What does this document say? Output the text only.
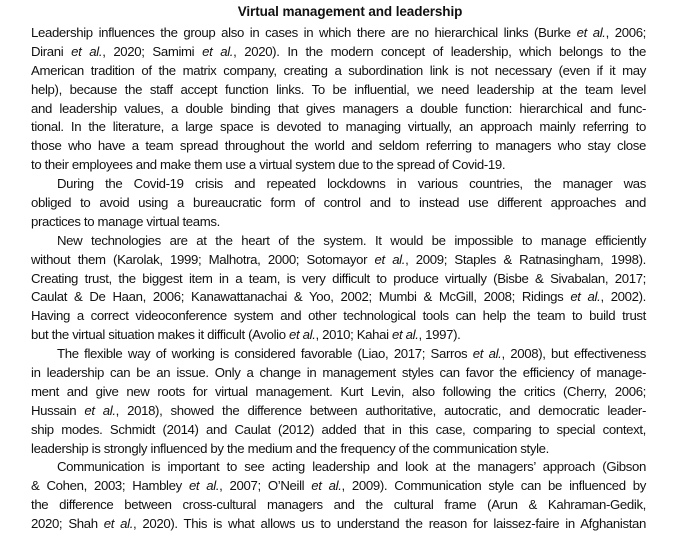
Virtual management and leadership
Leadership influences the group also in cases in which there are no hierarchical links (Burke et al., 2006;
Dirani et al., 2020; Samimi et al., 2020). In the modern concept of leadership, which belongs to the
American tradition of the matrix company, creating a subordination link is not necessary (even if it may
help), because the staff accept function links. To be influential, we need leadership at the team level
and leadership values, a double binding that gives managers a double function: hierarchical and func-
tional. In the literature, a large space is devoted to managing virtually, an approach mainly referring to
those who have a team spread throughout the world and seldom referring to managers who stay close
to their employees and make them use a virtual system due to the spread of Covid-19.
During the Covid-19 crisis and repeated lockdowns in various countries, the manager was
obliged to avoid using a bureaucratic form of control and to instead use different approaches and
practices to manage virtual teams.
New technologies are at the heart of the system. It would be impossible to manage efficiently
without them (Karolak, 1999; Malhotra, 2000; Sotomayor et al., 2009; Staples & Ratnasingham, 1998).
Creating trust, the biggest item in a team, is very difficult to produce virtually (Bisbe & Sivabalan, 2017;
Caulat & De Haan, 2006; Kanawattanachai & Yoo, 2002; Mumbi & McGill, 2008; Ridings et al., 2002).
Having a correct videoconference system and other technological tools can help the team to build trust
but the virtual situation makes it difficult (Avolio et al., 2010; Kahai et al., 1997).
The flexible way of working is considered favorable (Liao, 2017; Sarros et al., 2008), but effectiveness
in leadership can be an issue. Only a change in management styles can favor the efficiency of manage-
ment and give new roots for virtual management. Kurt Levin, also following the critics (Cherry, 2006;
Hussain et al., 2018), showed the difference between authoritative, autocratic, and democratic leader-
ship modes. Schmidt (2014) and Caulat (2012) added that in this case, comparing to special context,
leadership is strongly influenced by the medium and the frequency of the communication style.
Communication is important to see acting leadership and look at the managers’ approach (Gibson
& Cohen, 2003; Hambley et al., 2007; O’Neill et al., 2009). Communication style can be influenced by
the difference between cross-cultural managers and the cultural frame (Arun & Kahraman-Gedik,
2020; Shah et al., 2020). This is what allows us to understand the reason for laissez-faire in Afghanistan
